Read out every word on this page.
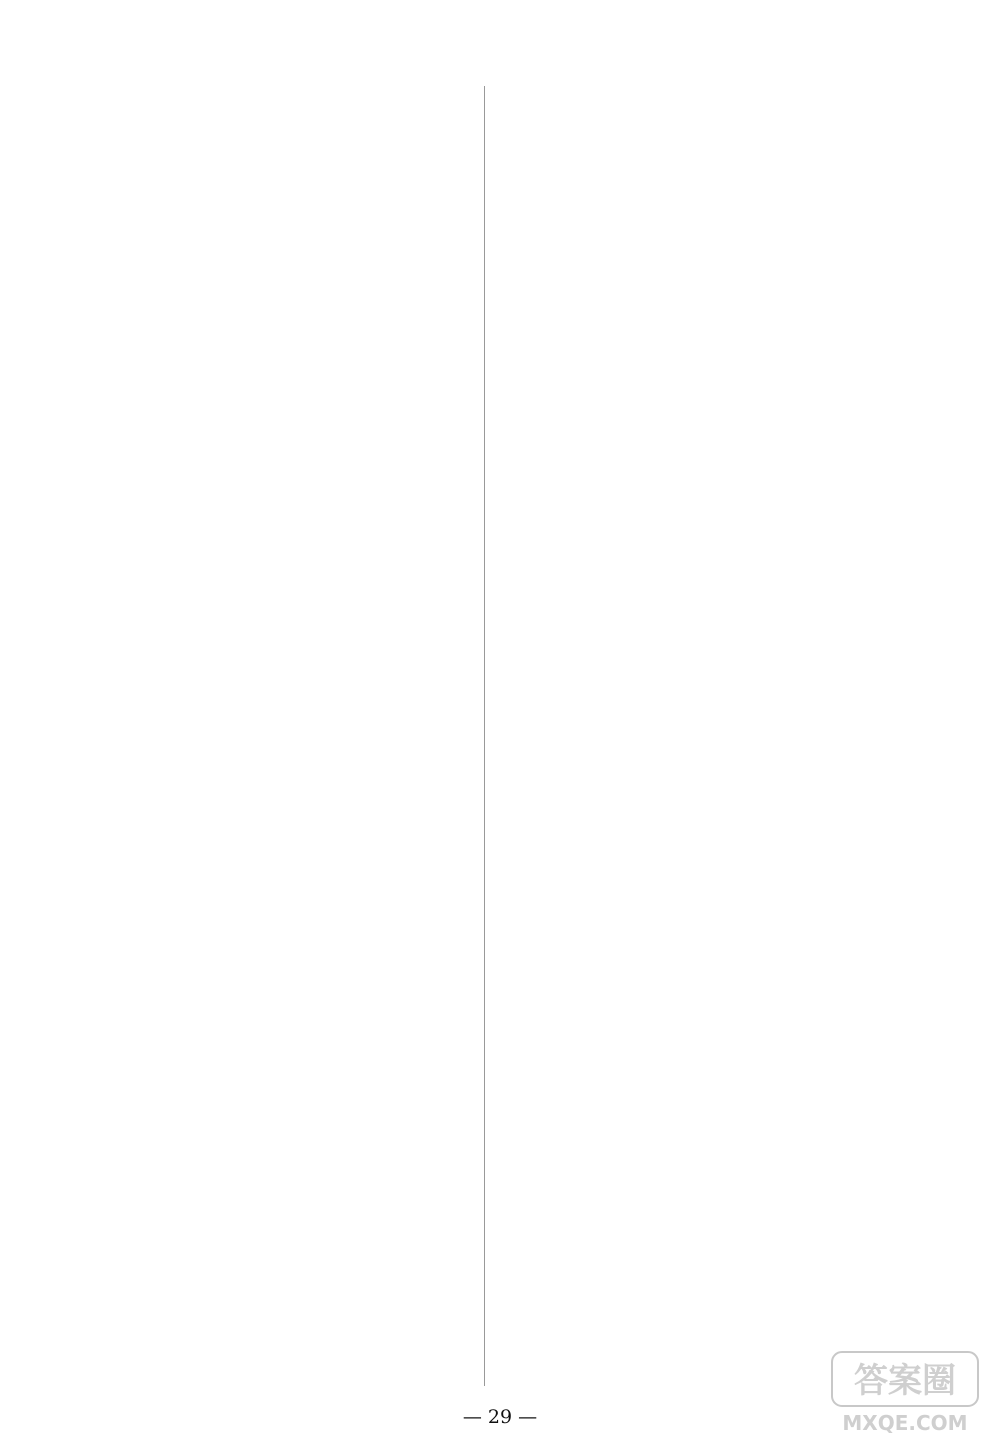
— 29 —
答案圈
MXQE.COM
